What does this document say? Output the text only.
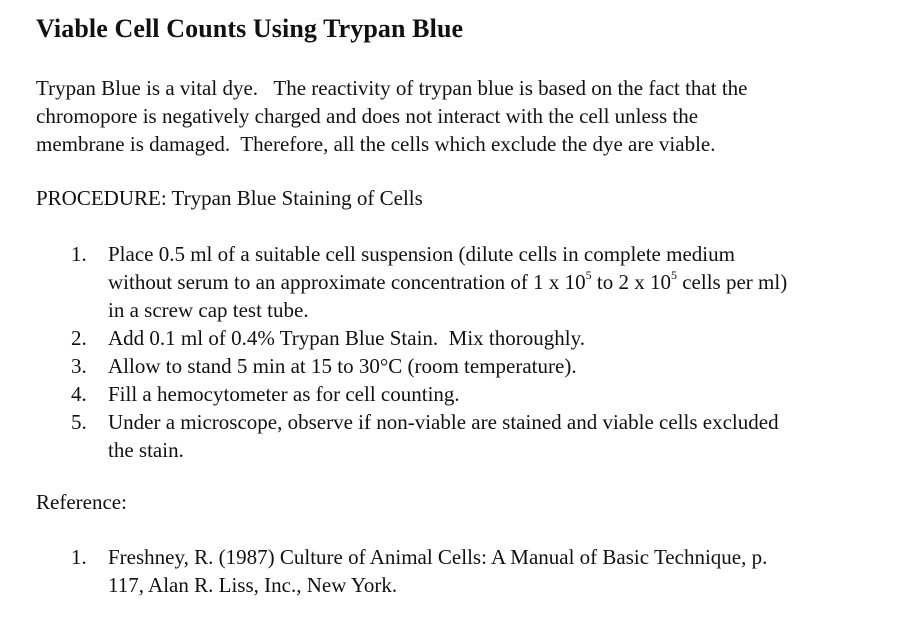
Viable Cell Counts Using Trypan Blue
Trypan Blue is a vital dye.   The reactivity of trypan blue is based on the fact that the
chromopore is negatively charged and does not interact with the cell unless the
membrane is damaged.  Therefore, all the cells which exclude the dye are viable.
PROCEDURE: Trypan Blue Staining of Cells
1.	Place 0.5 ml of a suitable cell suspension (dilute cells in complete medium
without serum to an approximate concentration of 1 x $10^5$ to 2 x $10^5$ cells per ml)
in a screw cap test tube.
2.	Add 0.1 ml of 0.4% Trypan Blue Stain.  Mix thoroughly.
3.	Allow to stand 5 min at 15 to 30°C (room temperature).
4.	Fill a hemocytometer as for cell counting.
5.	Under a microscope, observe if non-viable are stained and viable cells excluded
the stain.
Reference:
1.	Freshney, R. (1987) Culture of Animal Cells: A Manual of Basic Technique, p.
117, Alan R. Liss, Inc., New York.
